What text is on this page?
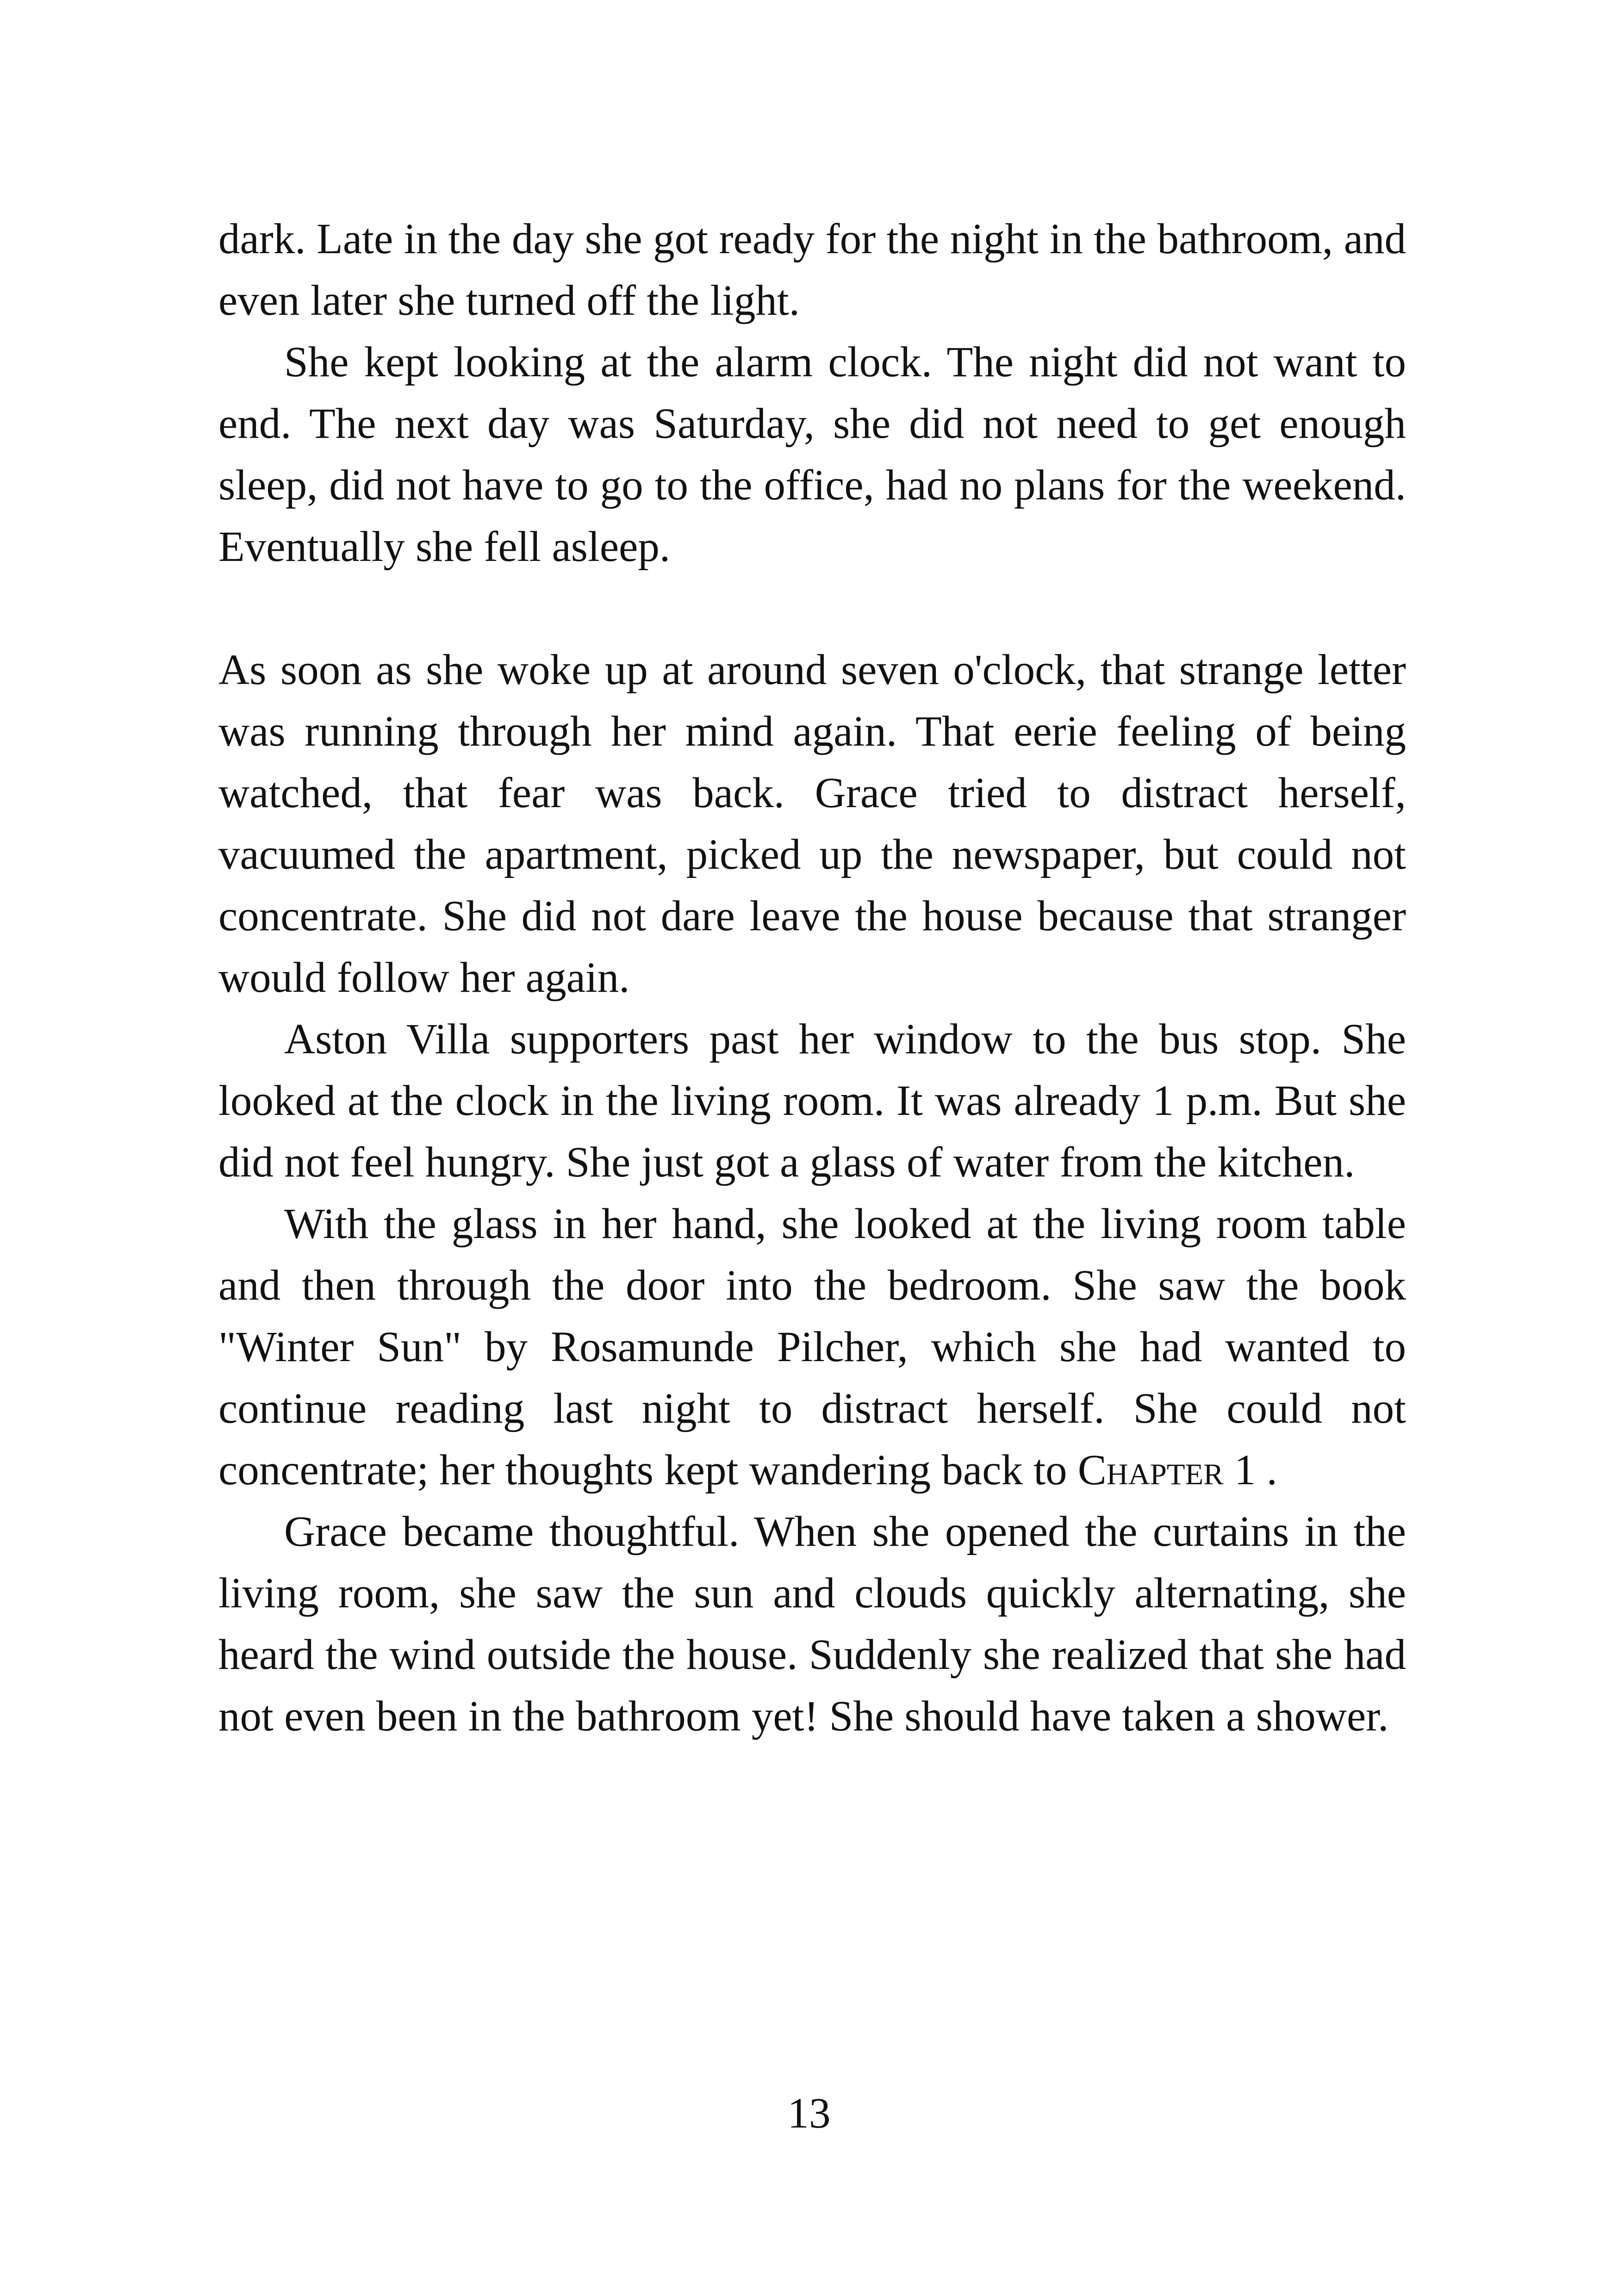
dark. Late in the day she got ready for the night in the bathroom, and even later she turned off the light.

She kept looking at the alarm clock. The night did not want to end. The next day was Saturday, she did not need to get enough sleep, did not have to go to the office, had no plans for the weekend. Eventually she fell asleep.

As soon as she woke up at around seven o'clock, that strange letter was running through her mind again. That eerie feeling of being watched, that fear was back. Grace tried to distract herself, vacuumed the apartment, picked up the newspaper, but could not concentrate. She did not dare leave the house because that stranger would follow her again.

Aston Villa supporters past her window to the bus stop. She looked at the clock in the living room. It was already 1 p.m. But she did not feel hungry. She just got a glass of water from the kitchen.

With the glass in her hand, she looked at the living room table and then through the door into the bedroom. She saw the book "Winter Sun" by Rosamunde Pilcher, which she had wanted to continue reading last night to distract herself. She could not concentrate; her thoughts kept wandering back to Chapter 1 .

Grace became thoughtful. When she opened the curtains in the living room, she saw the sun and clouds quickly alternating, she heard the wind outside the house. Suddenly she realized that she had not even been in the bathroom yet! She should have taken a shower.

13
